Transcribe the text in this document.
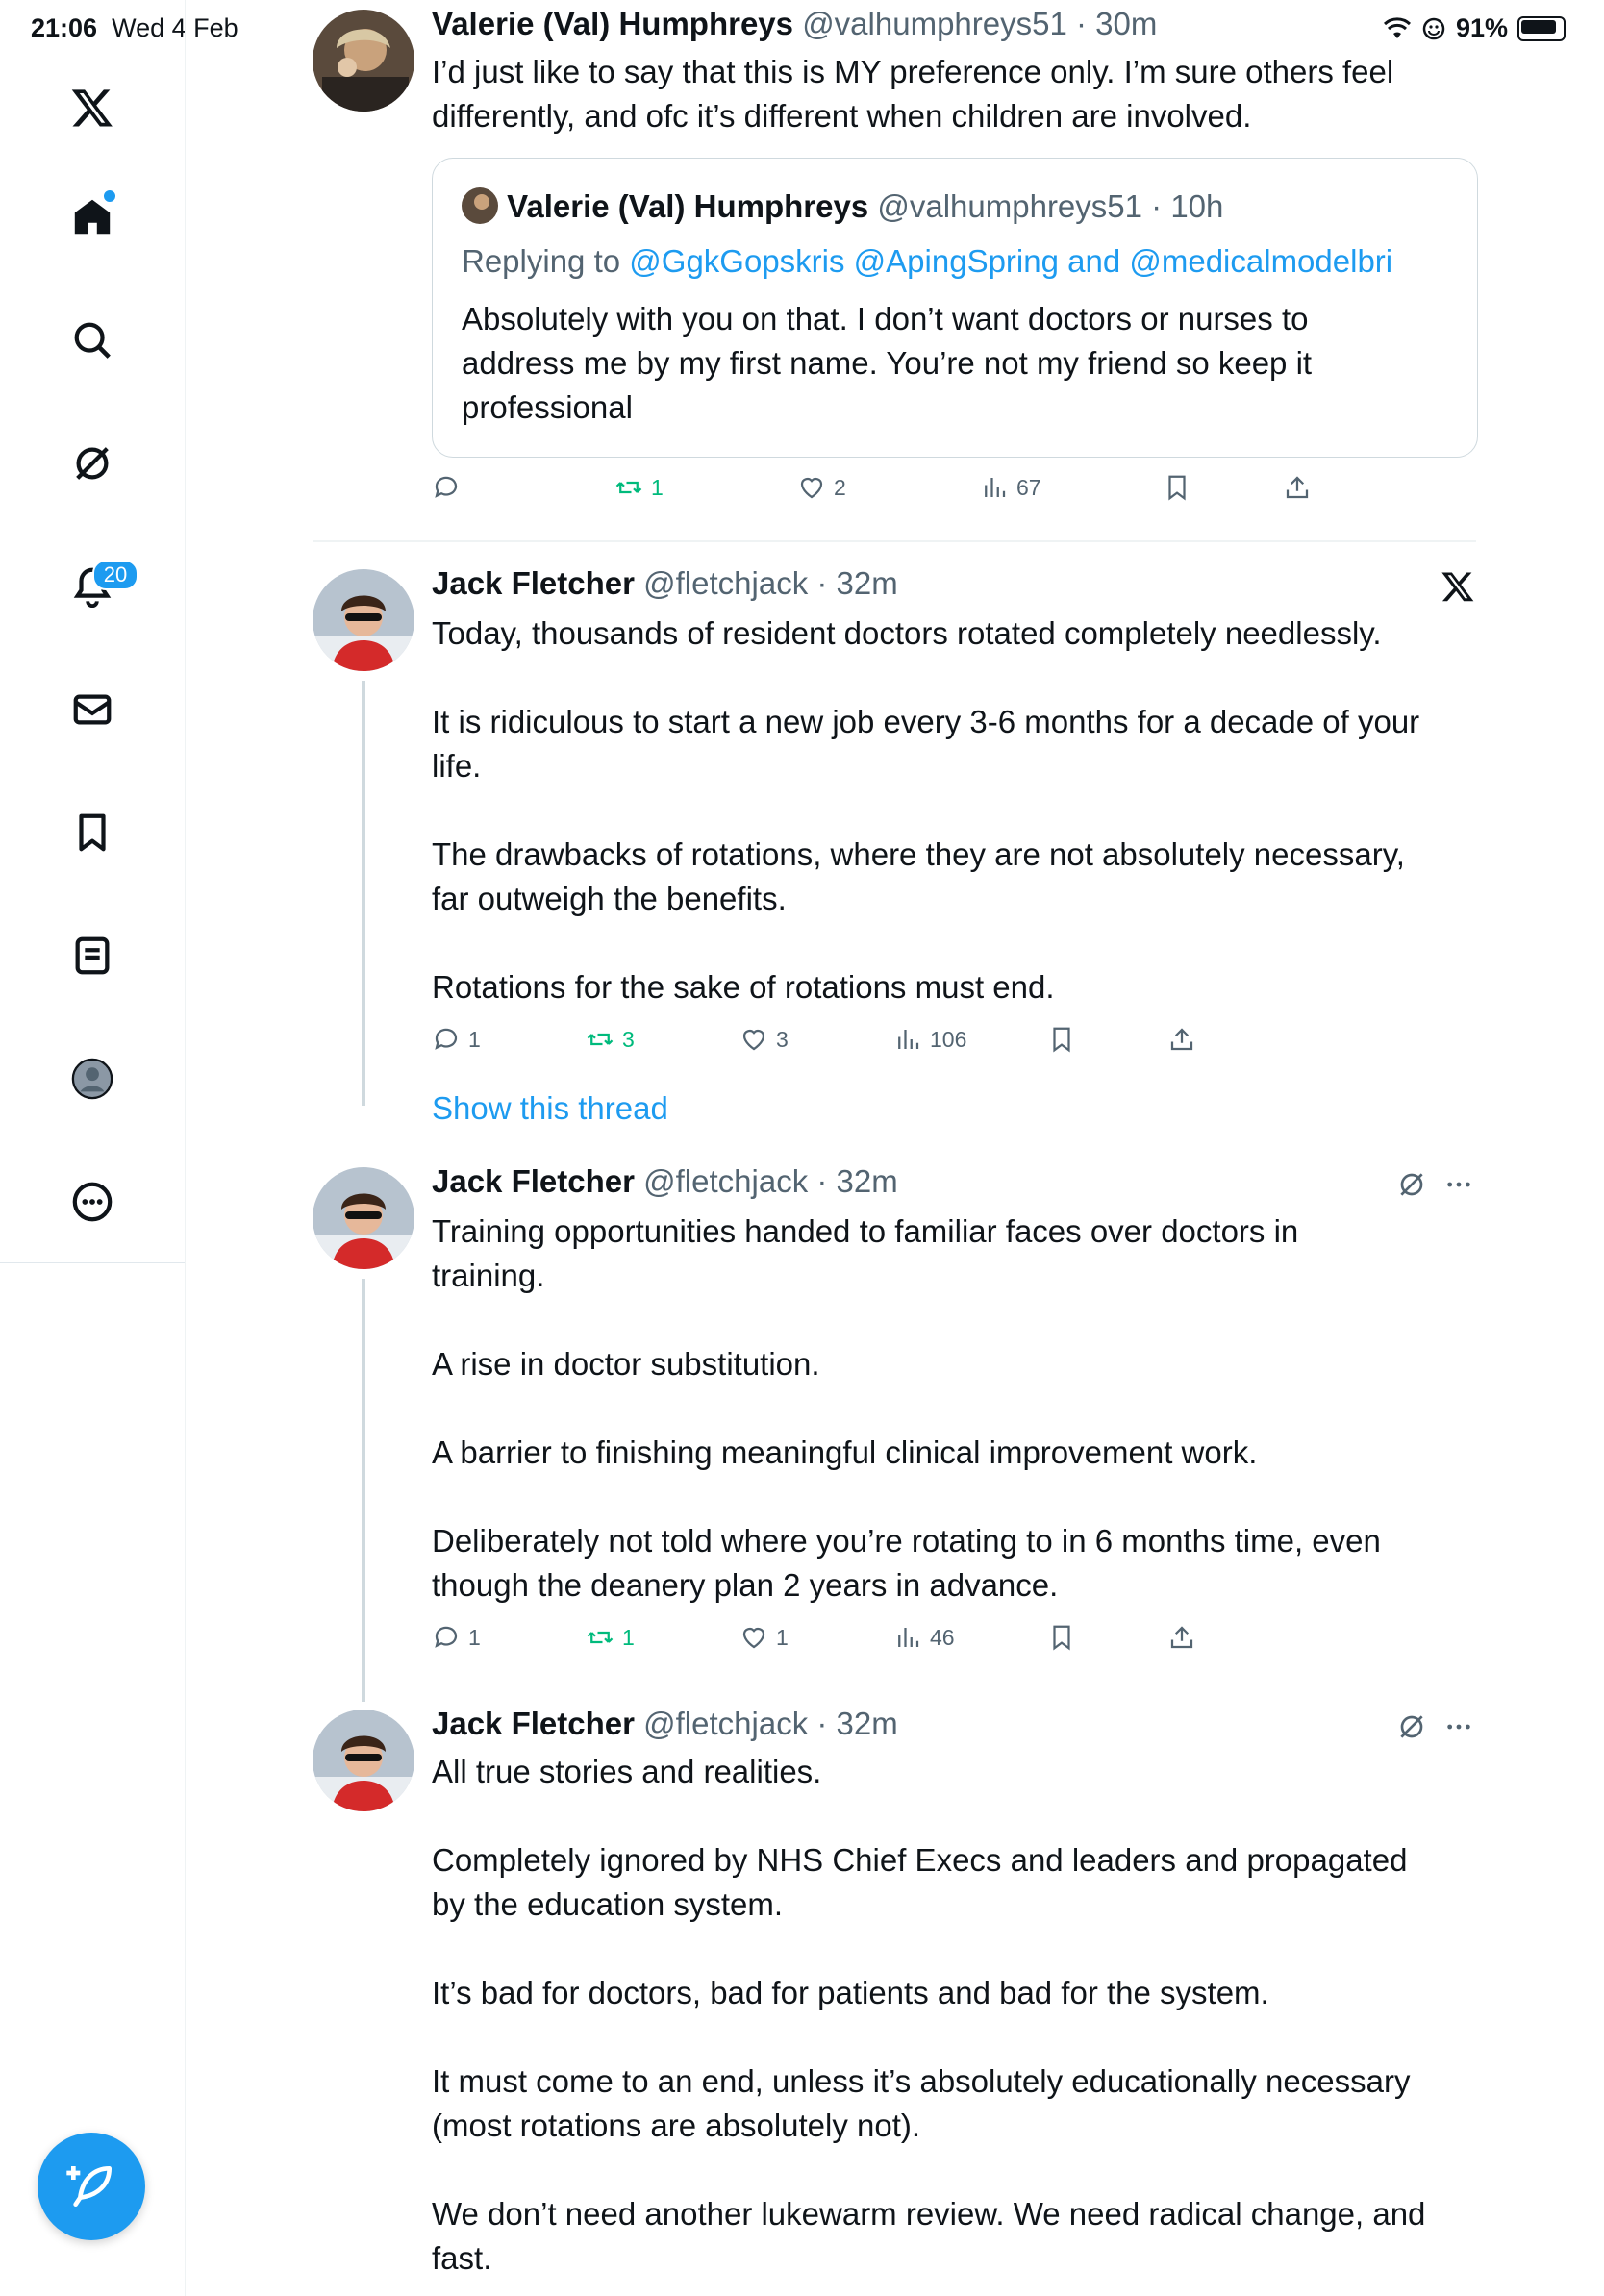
21:06 Wed 4 Feb	91%
20
Valerie (Val) Humphreys @valhumphreys51 · 30m
I’d just like to say that this is MY preference only. I’m sure others feel
differently, and ofc it’s different when children are involved.
Valerie (Val) Humphreys @valhumphreys51 · 10h
Replying to @GgkGopskris @ApingSpring and @medicalmodelbri
Absolutely with you on that. I don’t want doctors or nurses to
address me by my first name. You’re not my friend so keep it
professional
1	2	67
Jack Fletcher @fletchjack · 32m
Today, thousands of resident doctors rotated completely needlessly.

It is ridiculous to start a new job every 3-6 months for a decade of your
life.

The drawbacks of rotations, where they are not absolutely necessary,
far outweigh the benefits.

Rotations for the sake of rotations must end.
1	3	3	106
Show this thread
Jack Fletcher @fletchjack · 32m
Training opportunities handed to familiar faces over doctors in
training.

A rise in doctor substitution.

A barrier to finishing meaningful clinical improvement work.

Deliberately not told where you’re rotating to in 6 months time, even
though the deanery plan 2 years in advance.
1	1	1	46
Jack Fletcher @fletchjack · 32m
All true stories and realities.

Completely ignored by NHS Chief Execs and leaders and propagated
by the education system.

It’s bad for doctors, bad for patients and bad for the system.

It must come to an end, unless it’s absolutely educationally necessary
(most rotations are absolutely not).

We don’t need another lukewarm review. We need radical change, and
fast.
